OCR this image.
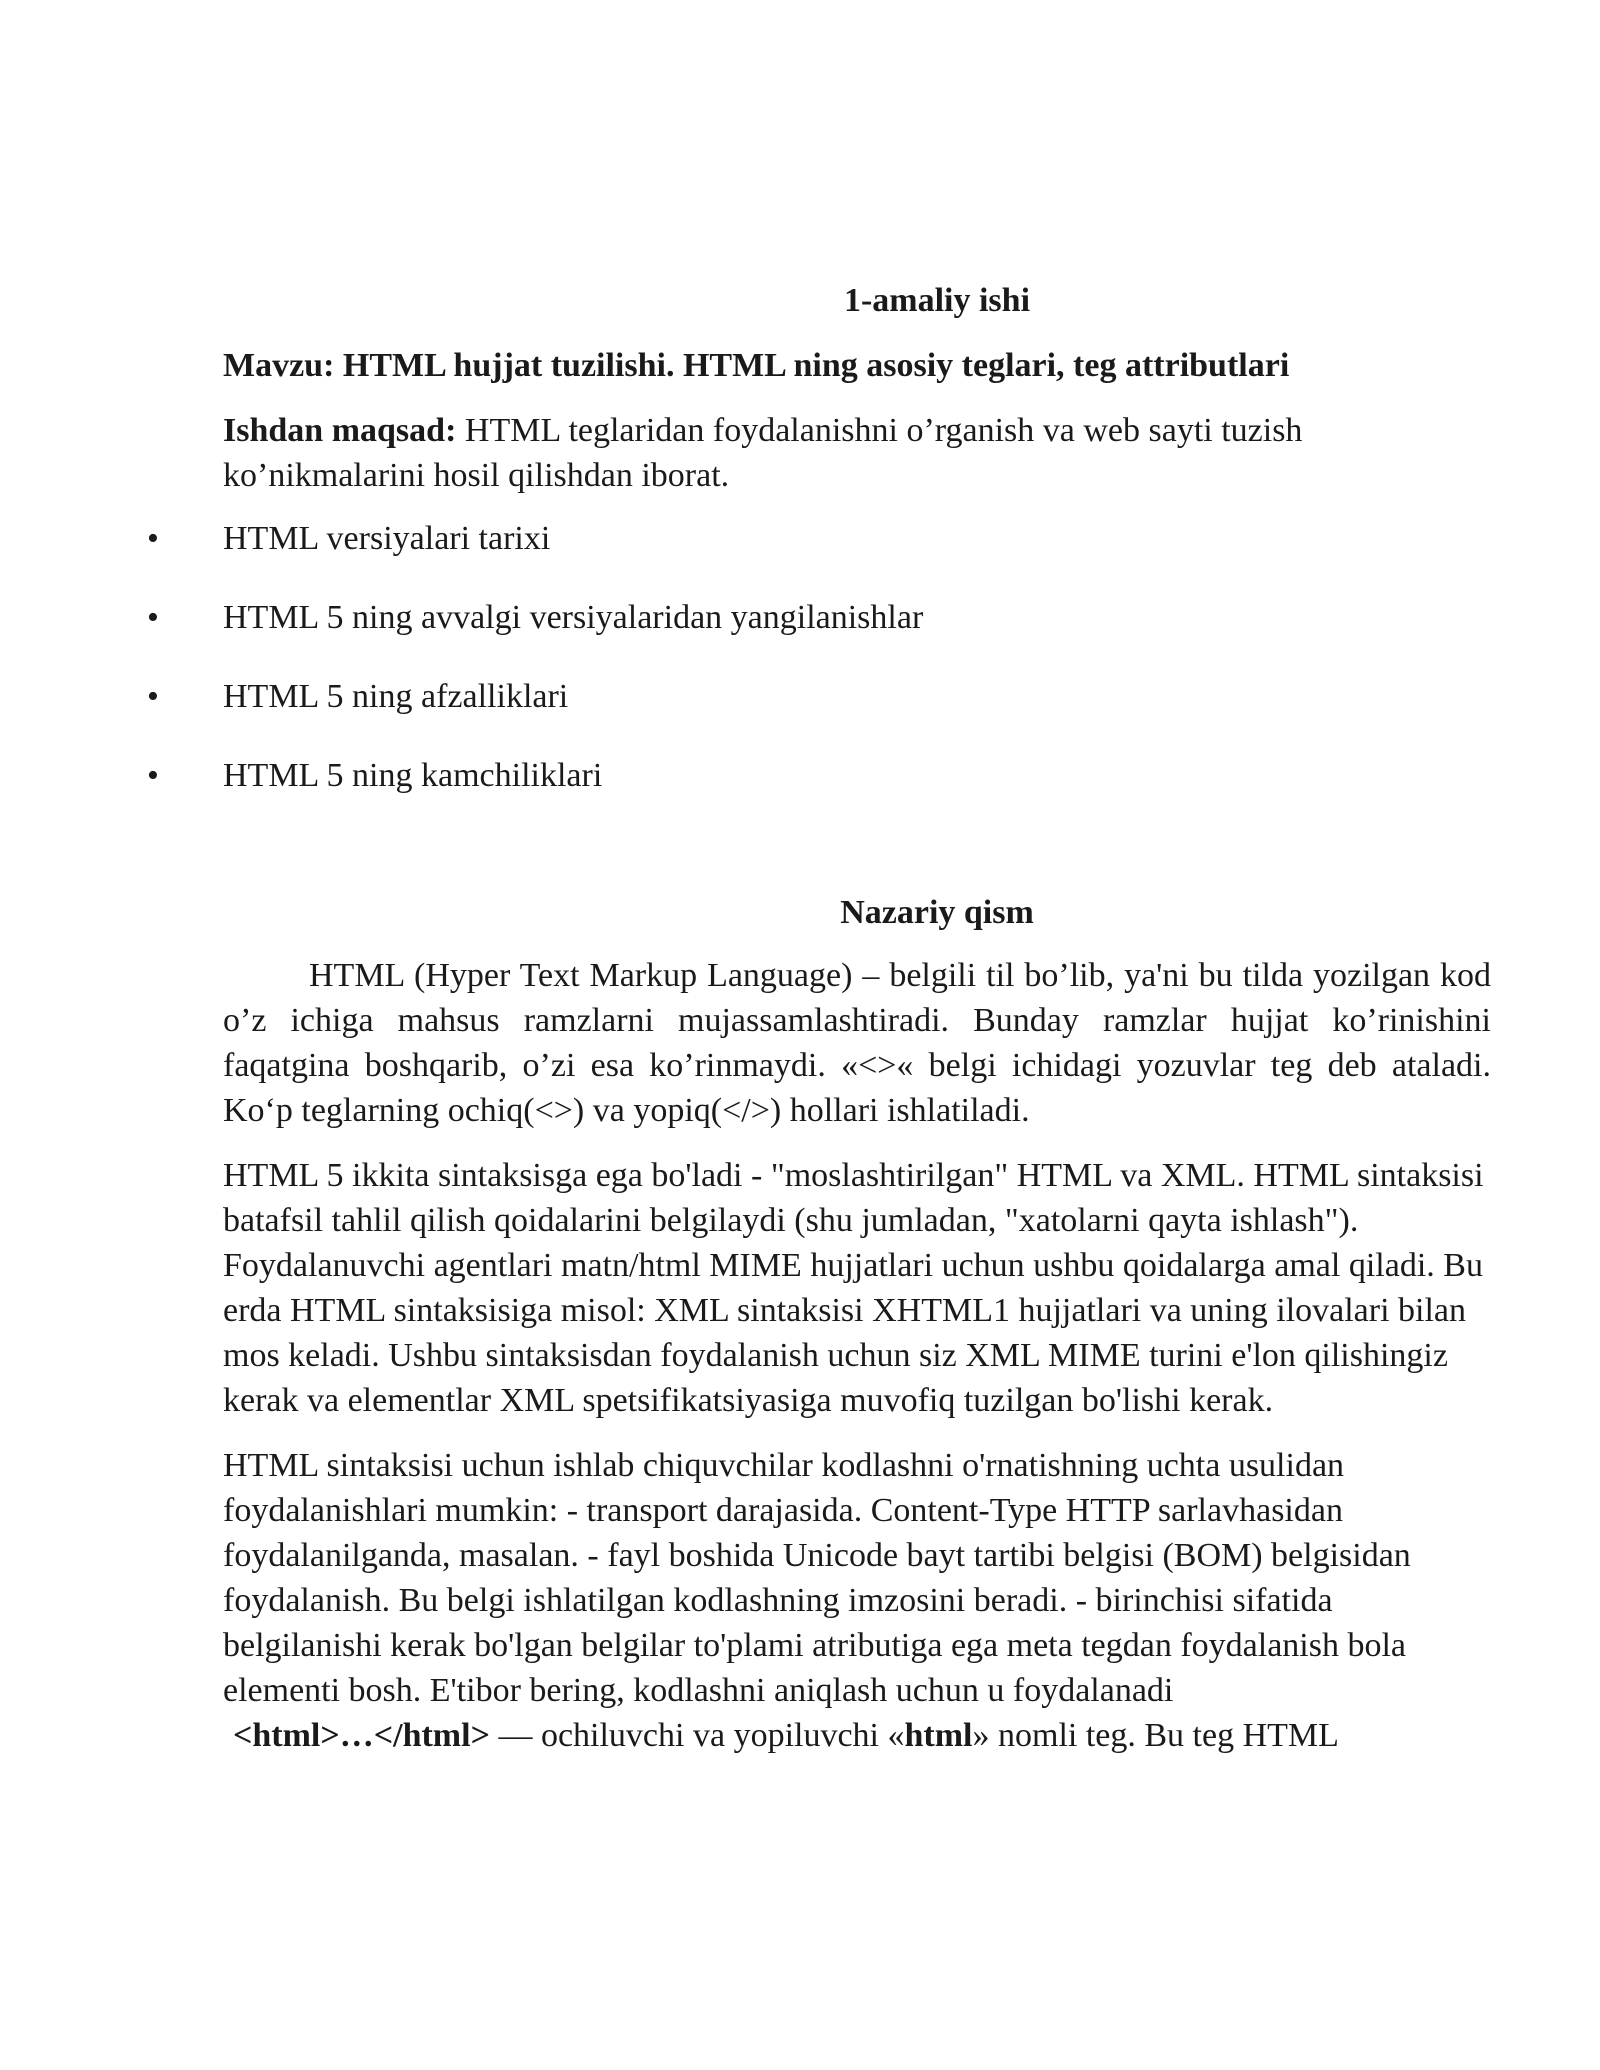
1-amaliy ishi
Mavzu: HTML hujjat tuzilishi. HTML ning asosiy teglari, teg attributlari
Ishdan maqsad: HTML teglaridan foydalanishni o’rganish va web sayti tuzish ko’nikmalarini hosil qilishdan iborat.
• HTML versiyalari tarixi
• HTML 5 ning avvalgi versiyalaridan yangilanishlar
• HTML 5 ning afzalliklari
• HTML 5 ning kamchiliklari
Nazariy qism

HTML (Hyper Text Markup Language) – belgili til bo’lib, ya'ni bu tilda yozilgan kod o’z ichiga mahsus ramzlarni mujassamlashtiradi. Bunday ramzlar hujjat ko’rinishini faqatgina boshqarib, o’zi esa ko’rinmaydi. «<>« belgi ichidagi yozuvlar teg deb ataladi. Ko‘p teglarning ochiq(<>) va yopiq(</>) hollari ishlatiladi.

HTML 5 ikkita sintaksisga ega bo'ladi - "moslashtirilgan" HTML va XML. HTML sintaksisi batafsil tahlil qilish qoidalarini belgilaydi (shu jumladan, "xatolarni qayta ishlash"). Foydalanuvchi agentlari matn/html MIME hujjatlari uchun ushbu qoidalarga amal qiladi. Bu erda HTML sintaksisiga misol: XML sintaksisi XHTML1 hujjatlari va uning ilovalari bilan mos keladi. Ushbu sintaksisdan foydalanish uchun siz XML MIME turini e'lon qilishingiz kerak va elementlar XML spetsifikatsiyasiga muvofiq tuzilgan bo'lishi kerak.

HTML sintaksisi uchun ishlab chiquvchilar kodlashni o'rnatishning uchta usulidan foydalanishlari mumkin: - transport darajasida. Content-Type HTTP sarlavhasidan foydalanilganda, masalan. - fayl boshida Unicode bayt tartibi belgisi (BOM) belgisidan foydalanish. Bu belgi ishlatilgan kodlashning imzosini beradi. - birinchisi sifatida belgilanishi kerak bo'lgan belgilar to'plami atributiga ega meta tegdan foydalanish bola elementi bosh. E'tibor bering, kodlashni aniqlash uchun u foydalanadi

<html>…</html> — ochiluvchi va yopiluvchi «html» nomli teg. Bu teg HTML
